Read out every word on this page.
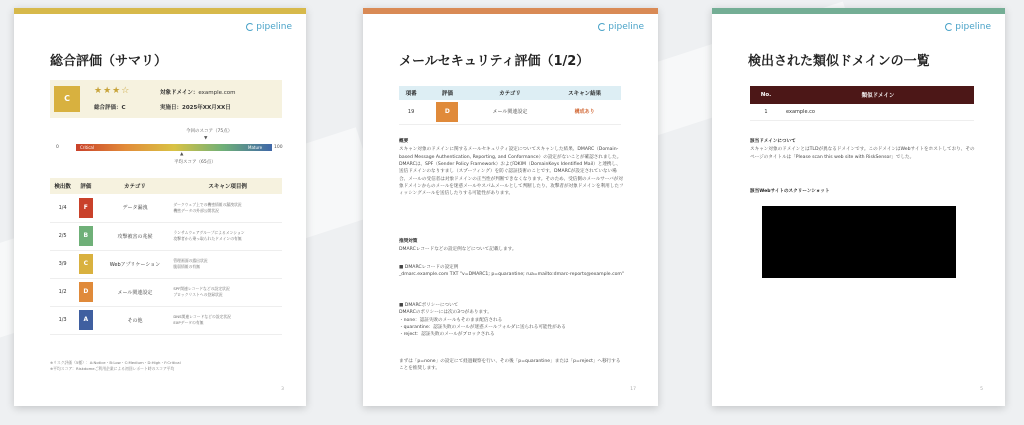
pipeline
総合評価（サマリ）
C
★★★☆	対象ドメイン：example.com
総合評価：C	実施日：2025年XX月XX日
今回のスコア（75点）
▼
0	Critical	Mature	100
▲
平均スコア（65点）
検出数	評価	カテゴリ	スキャン項目例
1/4	F	データ漏洩	ダークウェブ上での機密情報の漏洩状況
機密データの外部公開状況

2/5	B	攻撃被害の兆候	ランサムウェアグループによるメンション
攻撃者から乗っ取られたドメインの有無

3/9	C	Webアプリケーション	管理画面の露出状況
脆弱情報の有無

1/2	D	メール関連設定	SPF関連レコードなどの設定状況
ブロックリストへの登録状況

1/3	A	その他	DNS関連レコードなどの設定状況
EXPデータの有無
※リスク評価（5種）：A:Notice・B:Low・C:Medium・D:High・F:Critical
※平均スコア：Riskdomeご利用企業による初回レポート時のスコア平均
3
pipeline
メールセキュリティ評価（1/2）
項番	評価	カテゴリ	スキャン結果
19	D	メール関連設定	構成あり
概要
スキャン対象のドメインに関するメールセキュリティ設定についてスキャンした結果、DMARC（Domain-based Message Authentication, Reporting, and Conformance）の設定がないことが確認されました。DMARCは、SPF（Sender Policy Framework）およびDKIM（DomainKeys Identified Mail）と連携し、送信ドメインのなりすまし（スプーフィング）を防ぐ認証技術のことです。DMARCが設定されていない場合、メールの受信者は対象ドメインの正当性が判断できなくなります。そのため、受信側のメールサーバが対象ドメインからのメールを迷惑メールやスパムメールとして判断したり、攻撃者が対象ドメインを利用したフィッシングメールを送信したりする可能性があります。
推奨対策
DMARCレコードなどの設定例などについて記載します。
■ DMARCレコードの設定例
_dmarc.example.com TXT "v=DMARC1; p=quarantine; rua=mailto:dmarc-reports@example.com"
■ DMARCポリシーについて
DMARCのポリシーには次の3つがあります。
・none：認証失敗のメールもそのまま配信される
・quarantine：認証失敗のメールが迷惑メールフォルダに送られる可能性がある
・reject：認証失敗のメールがブロックされる
まずは「p=none」の設定にて経過観察を行い、その後「p=quarantine」または「p=reject」へ移行することを推奨します。
17
pipeline
検出された類似ドメインの一覧
No.	類似ドメイン
1	example.co
該当ドメインについて
スキャン対象のドメインとはTLDが異なるドメインです。このドメインはWebサイトをホストしており、そのページのタイトルは「Please scan this web site with RiskSensor」でした。
該当Webサイトのスクリーンショット
5
